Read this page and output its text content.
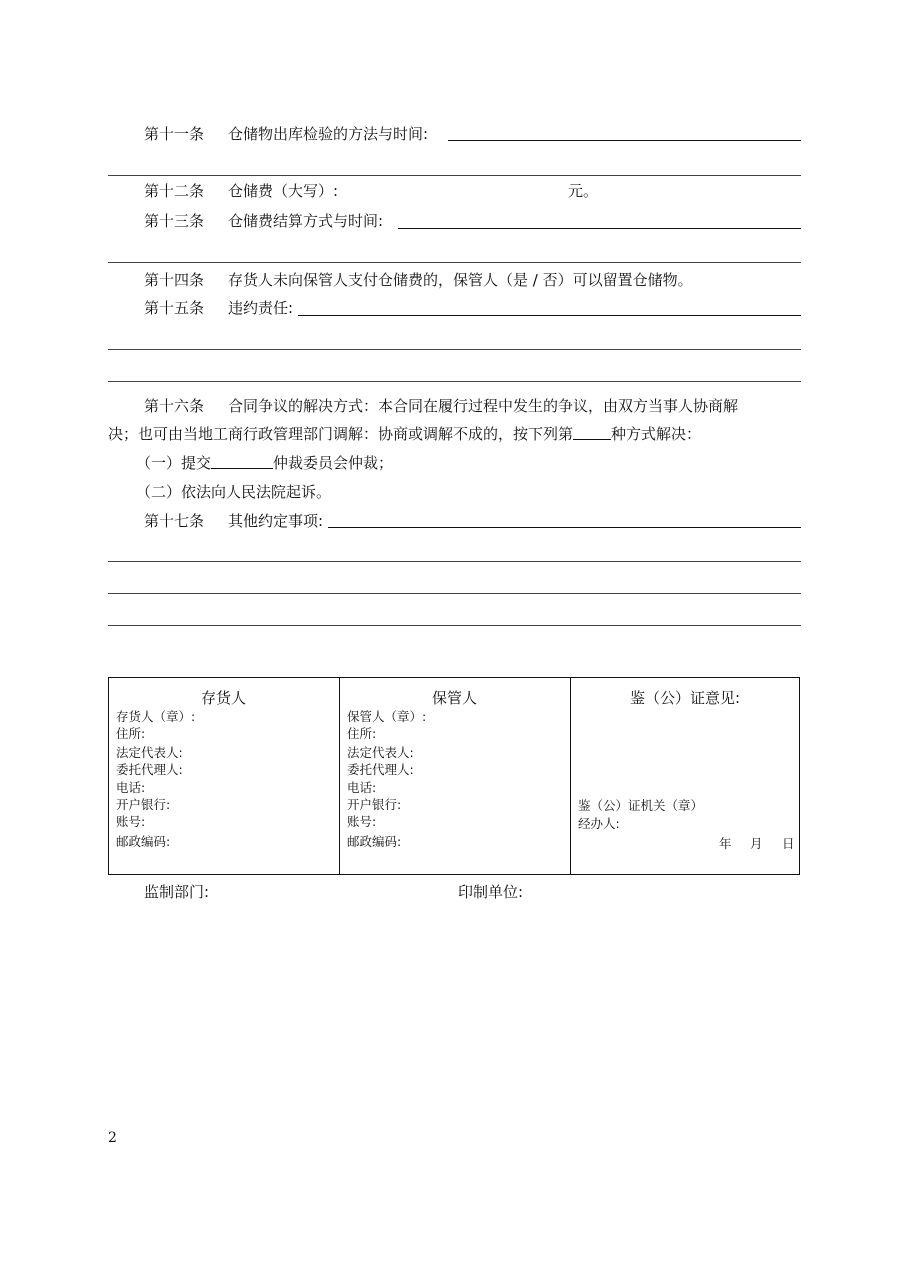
第十一条 仓储物出库检验的方法与时间:
第十二条 仓储费（大写）:	元。
第十三条 仓储费结算方式与时间:
第十四条 存货人未向保管人支付仓储费的，保管人（是 / 否）可以留置仓储物。
第十五条 违约责任:
第十六条 合同争议的解决方式：本合同在履行过程中发生的争议，由双方当事人协商解
决；也可由当地工商行政管理部门调解：协商或调解不成的，按下列第	种方式解决：
（一）提交	仲裁委员会仲裁；
（二）依法向人民法院起诉。
第十七条 其他约定事项:
存货人
存货人（章）:
住所:
法定代表人:
委托代理人:
电话:
开户银行:
账号:
邮政编码:
保管人
保管人（章）:
住所:
法定代表人:
委托代理人:
电话:
开户银行:
账号:
邮政编码:
鉴（公）证意见:
鉴（公）证机关（章）
经办人:
年 月 日
监制部门:	印制单位:
2
